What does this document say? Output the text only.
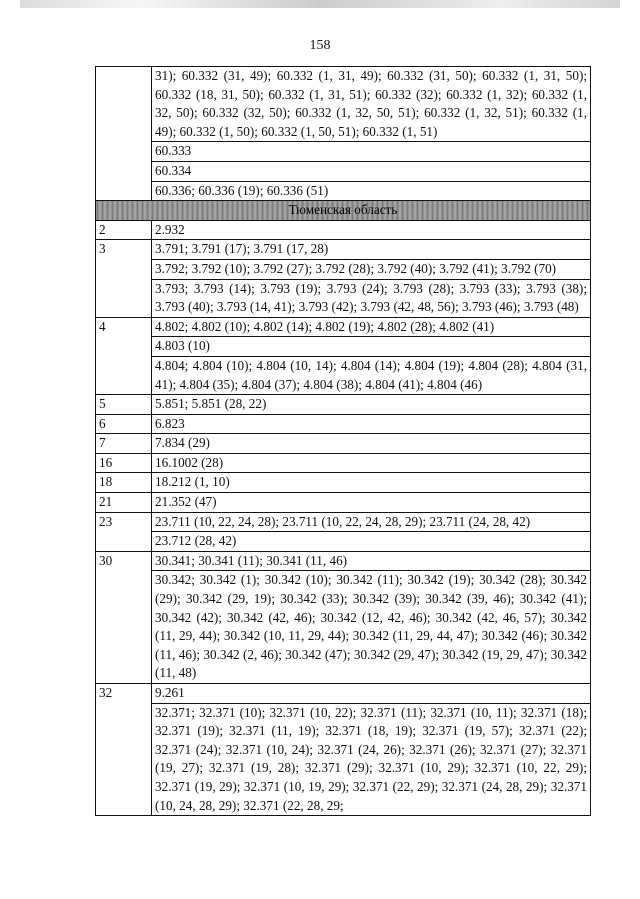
158
	31); 60.332 (31, 49); 60.332 (1, 31, 49); 60.332 (31, 50); 60.332 (1, 31, 50); 60.332 (18, 31, 50); 60.332 (1, 31, 51); 60.332 (32); 60.332 (1, 32); 60.332 (1, 32, 50); 60.332 (32, 50); 60.332 (1, 32, 50, 51); 60.332 (1, 32, 51); 60.332 (1, 49); 60.332 (1, 50); 60.332 (1, 50, 51); 60.332 (1, 51)
	60.333
	60.334
	60.336; 60.336 (19); 60.336 (51)
Тюменская область	
2	2.932
3	3.791; 3.791 (17); 3.791 (17, 28)
	3.792; 3.792 (10); 3.792 (27); 3.792 (28); 3.792 (40); 3.792 (41); 3.792 (70)
	3.793; 3.793 (14); 3.793 (19); 3.793 (24); 3.793 (28); 3.793 (33); 3.793 (38); 3.793 (40); 3.793 (14, 41); 3.793 (42); 3.793 (42, 48, 56); 3.793 (46); 3.793 (48)
4	4.802; 4.802 (10); 4.802 (14); 4.802 (19); 4.802 (28); 4.802 (41)
	4.803 (10)
	4.804; 4.804 (10); 4.804 (10, 14); 4.804 (14); 4.804 (19); 4.804 (28); 4.804 (31, 41); 4.804 (35); 4.804 (37); 4.804 (38); 4.804 (41); 4.804 (46)
5	5.851; 5.851 (28, 22)
6	6.823
7	7.834 (29)
16	16.1002 (28)
18	18.212 (1, 10)
21	21.352 (47)
23	23.711 (10, 22, 24, 28); 23.711 (10, 22, 24, 28, 29); 23.711 (24, 28, 42)
	23.712 (28, 42)
30	30.341; 30.341 (11); 30.341 (11, 46)
	30.342; 30.342 (1); 30.342 (10); 30.342 (11); 30.342 (19); 30.342 (28); 30.342 (29); 30.342 (29, 19); 30.342 (33); 30.342 (39); 30.342 (39, 46); 30.342 (41); 30.342 (42); 30.342 (42, 46); 30.342 (12, 42, 46); 30.342 (42, 46, 57); 30.342 (11, 29, 44); 30.342 (10, 11, 29, 44); 30.342 (11, 29, 44, 47); 30.342 (46); 30.342 (11, 46); 30.342 (2, 46); 30.342 (47); 30.342 (29, 47); 30.342 (19, 29, 47); 30.342 (11, 48)
32	9.261
	32.371; 32.371 (10); 32.371 (10, 22); 32.371 (11); 32.371 (10, 11); 32.371 (18); 32.371 (19); 32.371 (11, 19); 32.371 (18, 19); 32.371 (19, 57); 32.371 (22); 32.371 (24); 32.371 (10, 24); 32.371 (24, 26); 32.371 (26); 32.371 (27); 32.371 (19, 27); 32.371 (19, 28); 32.371 (29); 32.371 (10, 29); 32.371 (10, 22, 29); 32.371 (19, 29); 32.371 (10, 19, 29); 32.371 (22, 29); 32.371 (24, 28, 29); 32.371 (10, 24, 28, 29); 32.371 (22, 28, 29;
